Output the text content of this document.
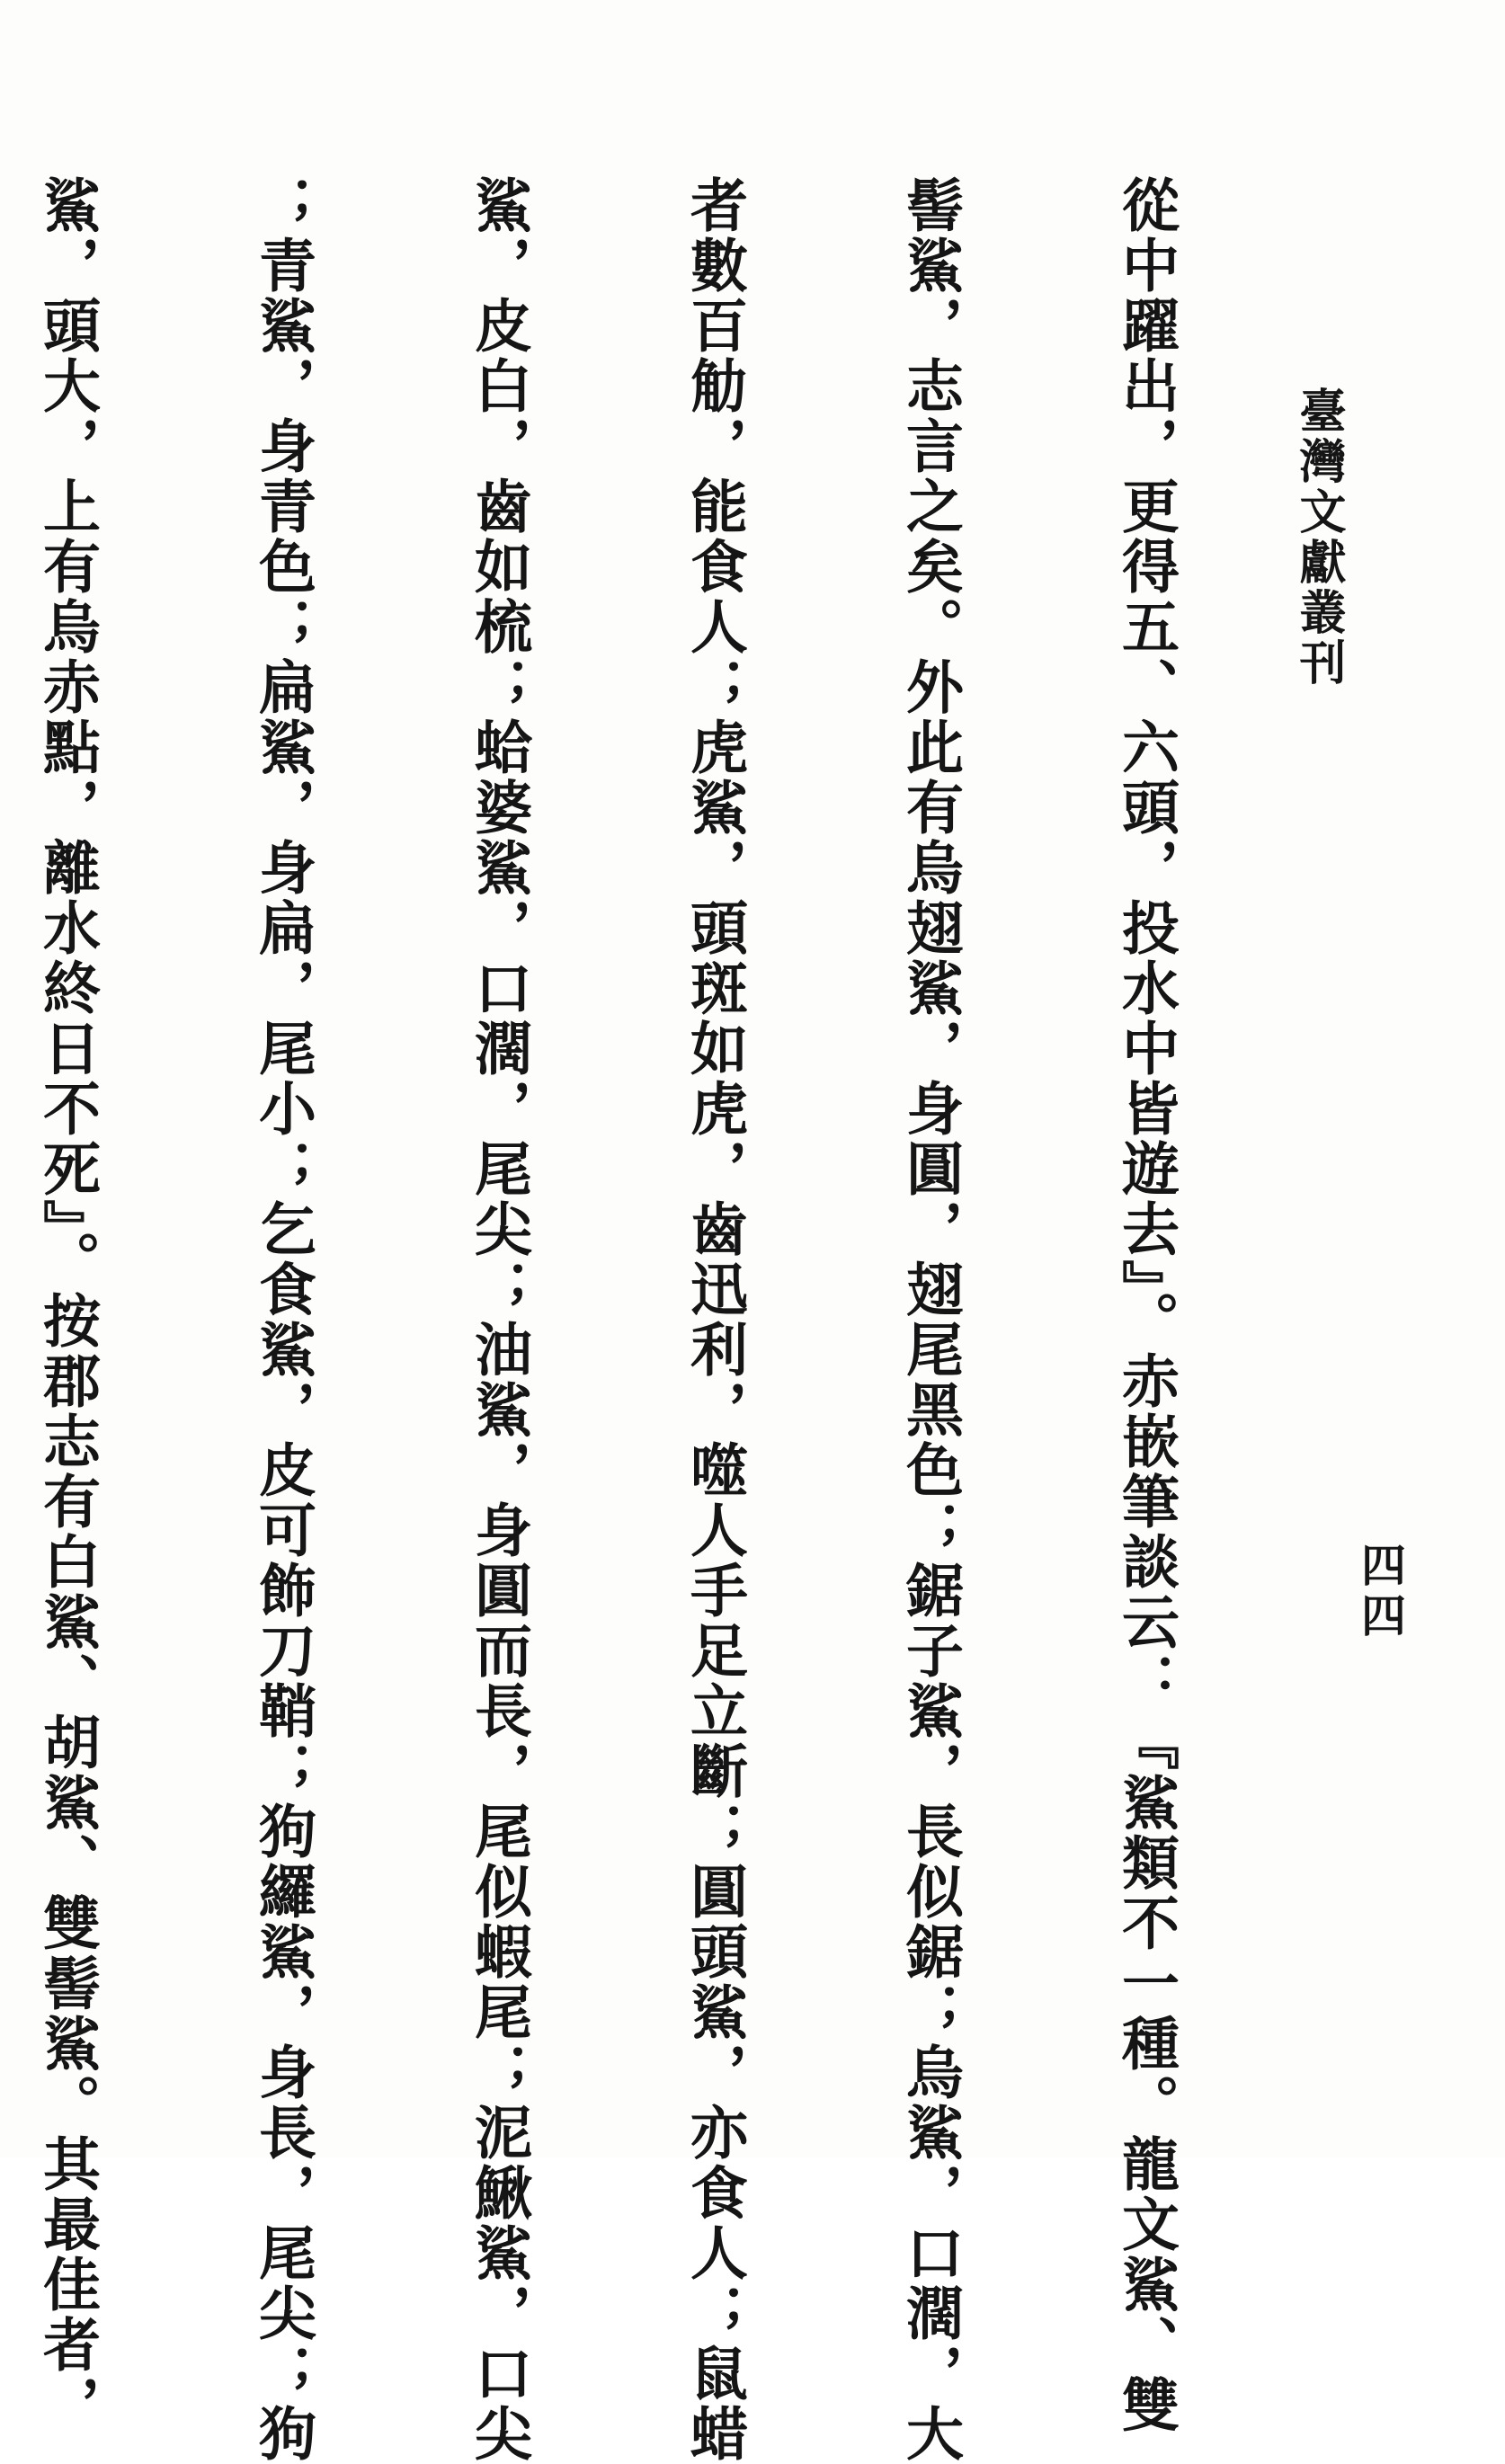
臺灣文獻叢刊
四四

從中躍出，更得五、六頭，投水中皆遊去』。赤嵌筆談云：『鯊類不一種。龍文鯊、雙

髻鯊，志言之矣。外此有烏翅鯊，身圓，翅尾黑色；鋸子鯊，長似鋸；烏鯊，口濶，大

者數百觔，能食人；虎鯊，頭斑如虎，齒迅利，噬人手足立斷；圓頭鯊，亦食人；鼠蜡

鯊，皮白，齒如梳；蛤婆鯊，口濶，尾尖；油鯊，身圓而長，尾似蝦尾；泥鰍鯊，口尖

；青鯊，身青色；扁鯊，身扁，尾小；乞食鯊，皮可飾刀鞘；狗纙鯊，身長，尾尖；狗

鯊，頭大，上有烏赤點，離水終日不死』。按郡志有白鯊、胡鯊、雙髻鯊。其最佳者，
